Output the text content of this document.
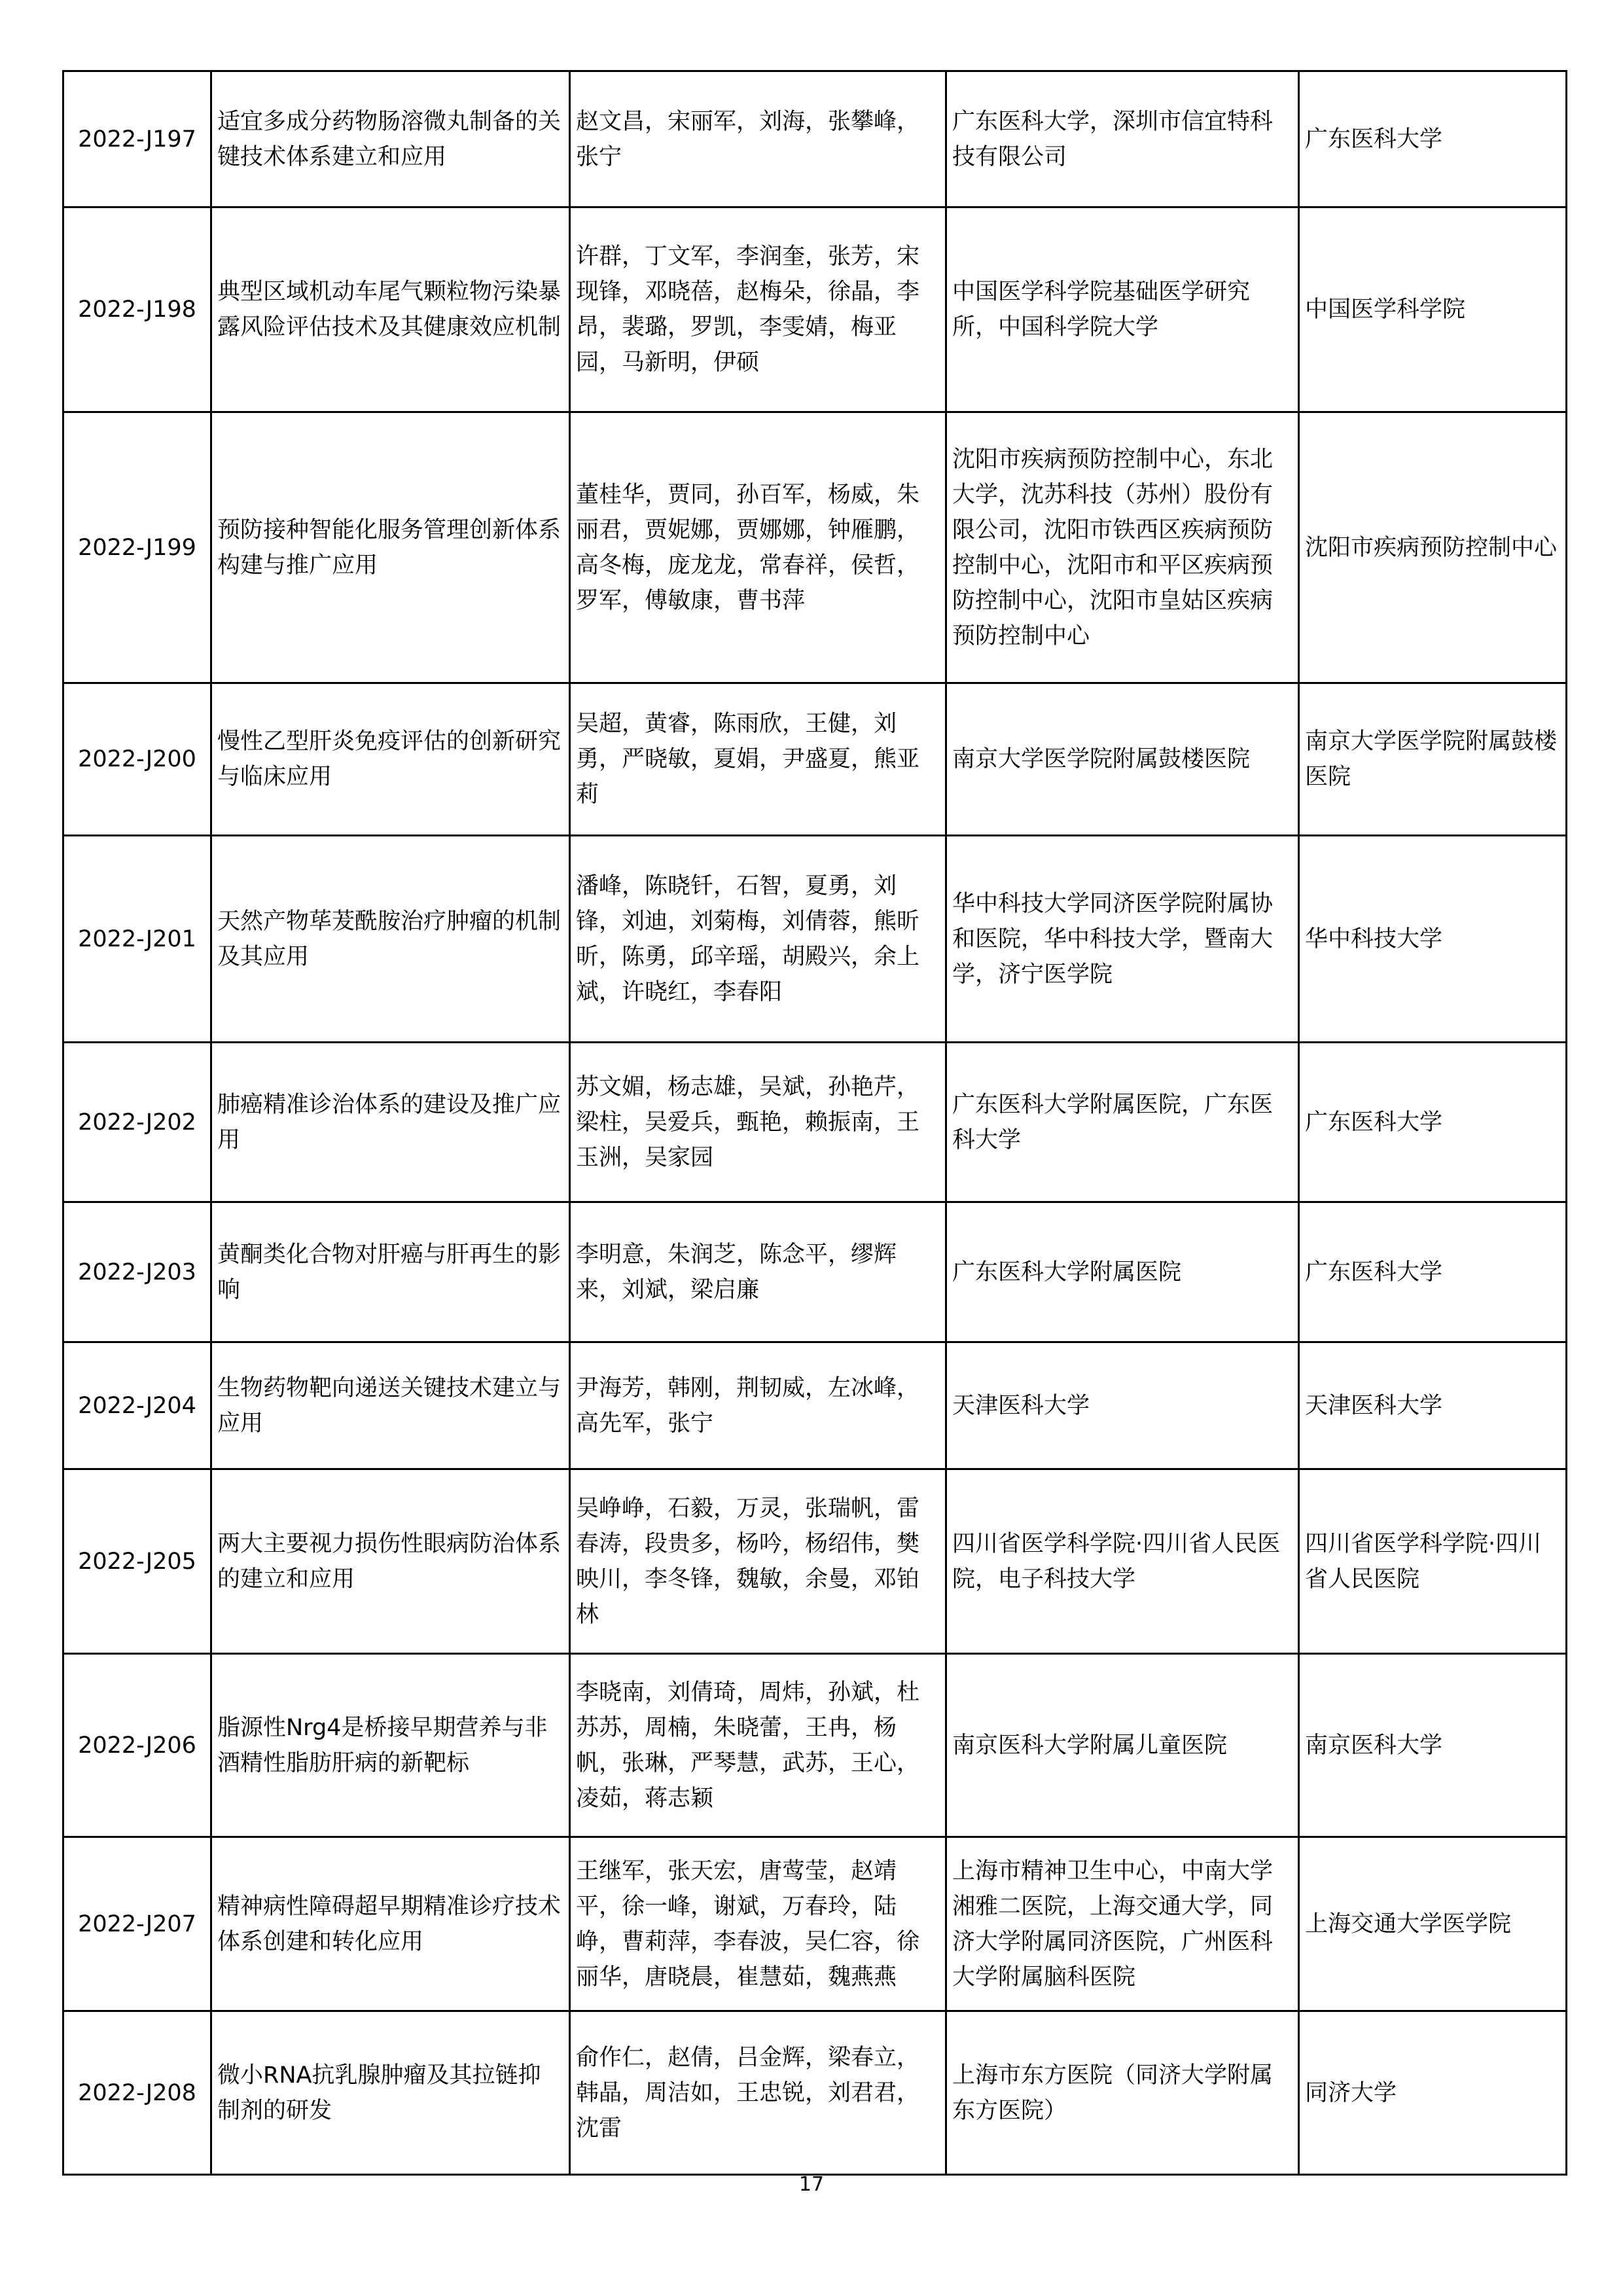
2022-J197	适宜多成分药物肠溶微丸制备的关键技术体系建立和应用	赵文昌，宋丽军，刘海，张攀峰，张宁	广东医科大学，深圳市信宜特科技有限公司	广东医科大学
2022-J198	典型区域机动车尾气颗粒物污染暴露风险评估技术及其健康效应机制	许群，丁文军，李润奎，张芳，宋现锋，邓晓蓓，赵梅朵，徐晶，李昂，裴璐，罗凯，李雯婧，梅亚园，马新明，伊硕	中国医学科学院基础医学研究所，中国科学院大学	中国医学科学院
2022-J199	预防接种智能化服务管理创新体系构建与推广应用	董桂华，贾同，孙百军，杨威，朱丽君，贾妮娜，贾娜娜，钟雁鹏，高冬梅，庞龙龙，常春祥，侯哲，罗军，傅敏康，曹书萍	沈阳市疾病预防控制中心，东北大学，沈苏科技（苏州）股份有限公司，沈阳市铁西区疾病预防控制中心，沈阳市和平区疾病预防控制中心，沈阳市皇姑区疾病预防控制中心	沈阳市疾病预防控制中心
2022-J200	慢性乙型肝炎免疫评估的创新研究与临床应用	吴超，黄睿，陈雨欣，王健，刘勇，严晓敏，夏娟，尹盛夏，熊亚莉	南京大学医学院附属鼓楼医院	南京大学医学院附属鼓楼医院
2022-J201	天然产物荜茇酰胺治疗肿瘤的机制及其应用	潘峰，陈晓钎，石智，夏勇，刘锋，刘迪，刘菊梅，刘倩蓉，熊昕昕，陈勇，邱辛瑶，胡殿兴，余上斌，许晓红，李春阳	华中科技大学同济医学院附属协和医院，华中科技大学，暨南大学，济宁医学院	华中科技大学
2022-J202	肺癌精准诊治体系的建设及推广应用	苏文媚，杨志雄，吴斌，孙艳芹，梁柱，吴爱兵，甄艳，赖振南，王玉洲，吴家园	广东医科大学附属医院，广东医科大学	广东医科大学
2022-J203	黄酮类化合物对肝癌与肝再生的影响	李明意，朱润芝，陈念平，缪辉来，刘斌，梁启廉	广东医科大学附属医院	广东医科大学
2022-J204	生物药物靶向递送关键技术建立与应用	尹海芳，韩刚，荆韧威，左冰峰，高先军，张宁	天津医科大学	天津医科大学
2022-J205	两大主要视力损伤性眼病防治体系的建立和应用	吴峥峥，石毅，万灵，张瑞帆，雷春涛，段贵多，杨吟，杨绍伟，樊映川，李冬锋，魏敏，余曼，邓铂林	四川省医学科学院·四川省人民医院，电子科技大学	四川省医学科学院·四川省人民医院
2022-J206	脂源性Nrg4是桥接早期营养与非酒精性脂肪肝病的新靶标	李晓南，刘倩琦，周炜，孙斌，杜苏苏，周楠，朱晓蕾，王冉，杨帆，张琳，严琴慧，武苏，王心，凌茹，蒋志颖	南京医科大学附属儿童医院	南京医科大学
2022-J207	精神病性障碍超早期精准诊疗技术体系创建和转化应用	王继军，张天宏，唐莺莹，赵靖平，徐一峰，谢斌，万春玲，陆峥，曹莉萍，李春波，吴仁容，徐丽华，唐晓晨，崔慧茹，魏燕燕	上海市精神卫生中心，中南大学湘雅二医院，上海交通大学，同济大学附属同济医院，广州医科大学附属脑科医院	上海交通大学医学院
2022-J208	微小RNA抗乳腺肿瘤及其拉链抑制剂的研发	俞作仁，赵倩，吕金辉，梁春立，韩晶，周洁如，王忠锐，刘君君，沈雷	上海市东方医院（同济大学附属东方医院）	同济大学
17
